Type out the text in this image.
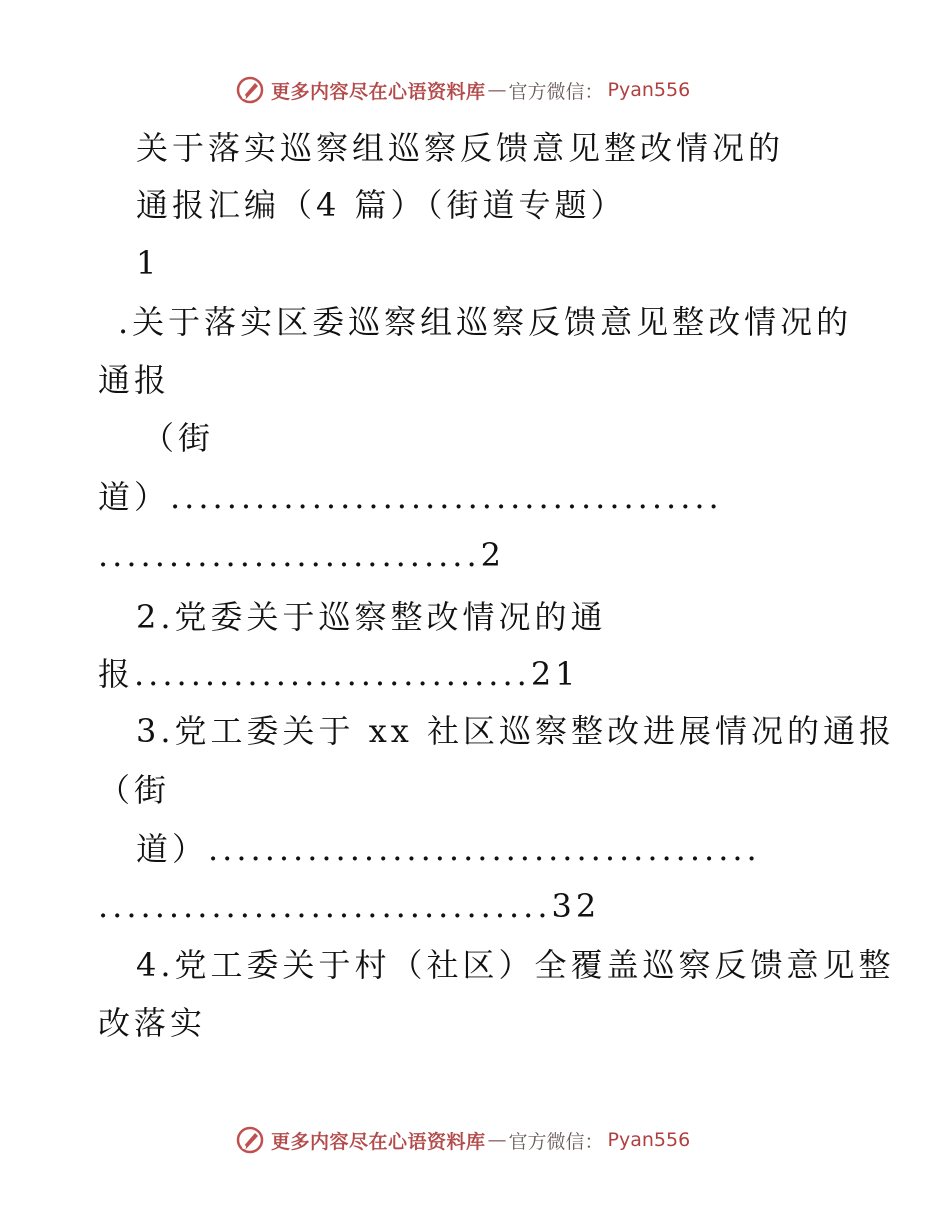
更多内容尽在心语资料库 — 官方微信： Pyan556
关于落实巡察组巡察反馈意见整改情况的
通报汇编（4 篇）（街道专题）
1
.关于落实区委巡察组巡察反馈意见整改情况的
通报
（街
道）.......................................
...........................2
2.党委关于巡察整改情况的通
报............................21
3.党工委关于 xx 社区巡察整改进展情况的通报
（街
道）.......................................
................................32
4.党工委关于村（社区）全覆盖巡察反馈意见整
改落实
更多内容尽在心语资料库 — 官方微信： Pyan556
